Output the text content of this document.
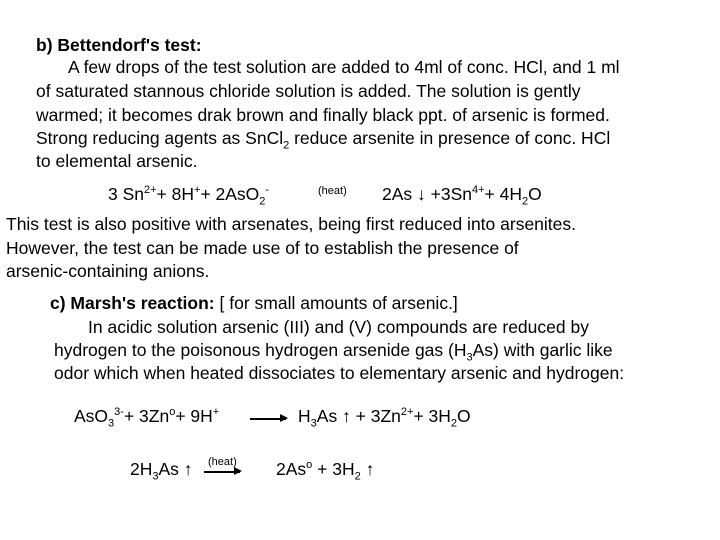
b) Bettendorf's test:
A few drops of the test solution are added to 4ml of conc. HCl, and 1 ml
of saturated stannous chloride solution is added. The solution is gently
warmed; it becomes drak brown and finally black ppt. of arsenic is formed.
Strong reducing agents as SnCl$_2$ reduce arsenite in presence of conc. HCl
to elemental arsenic.
3 $Sn^{2+}+ 8H^++ 2AsO_2^-$	(heat) 2As ↓ $+3Sn^{4+}+ 4H_2O$
This test is also positive with arsenates, being first reduced into arsenites.
However, the test can be made use of to establish the presence of
arsenic-containing anions.
c) Marsh's reaction: [ for small amounts of arsenic.]
In acidic solution arsenic (III) and (V) compounds are reduced by
hydrogen to the poisonous hydrogen arsenide gas $(H_3As)$ with garlic like
odor which when heated dissociates to elementary arsenic and hydrogen:
$AsO_3^{3-}+ 3Zn^o+ 9H^+ \to H_3As$ ↑ + $3Zn^{2+}+ 3H_2O$
$2H_3As$ ↑ (heat) $2As^o + 3H_2$ ↑
